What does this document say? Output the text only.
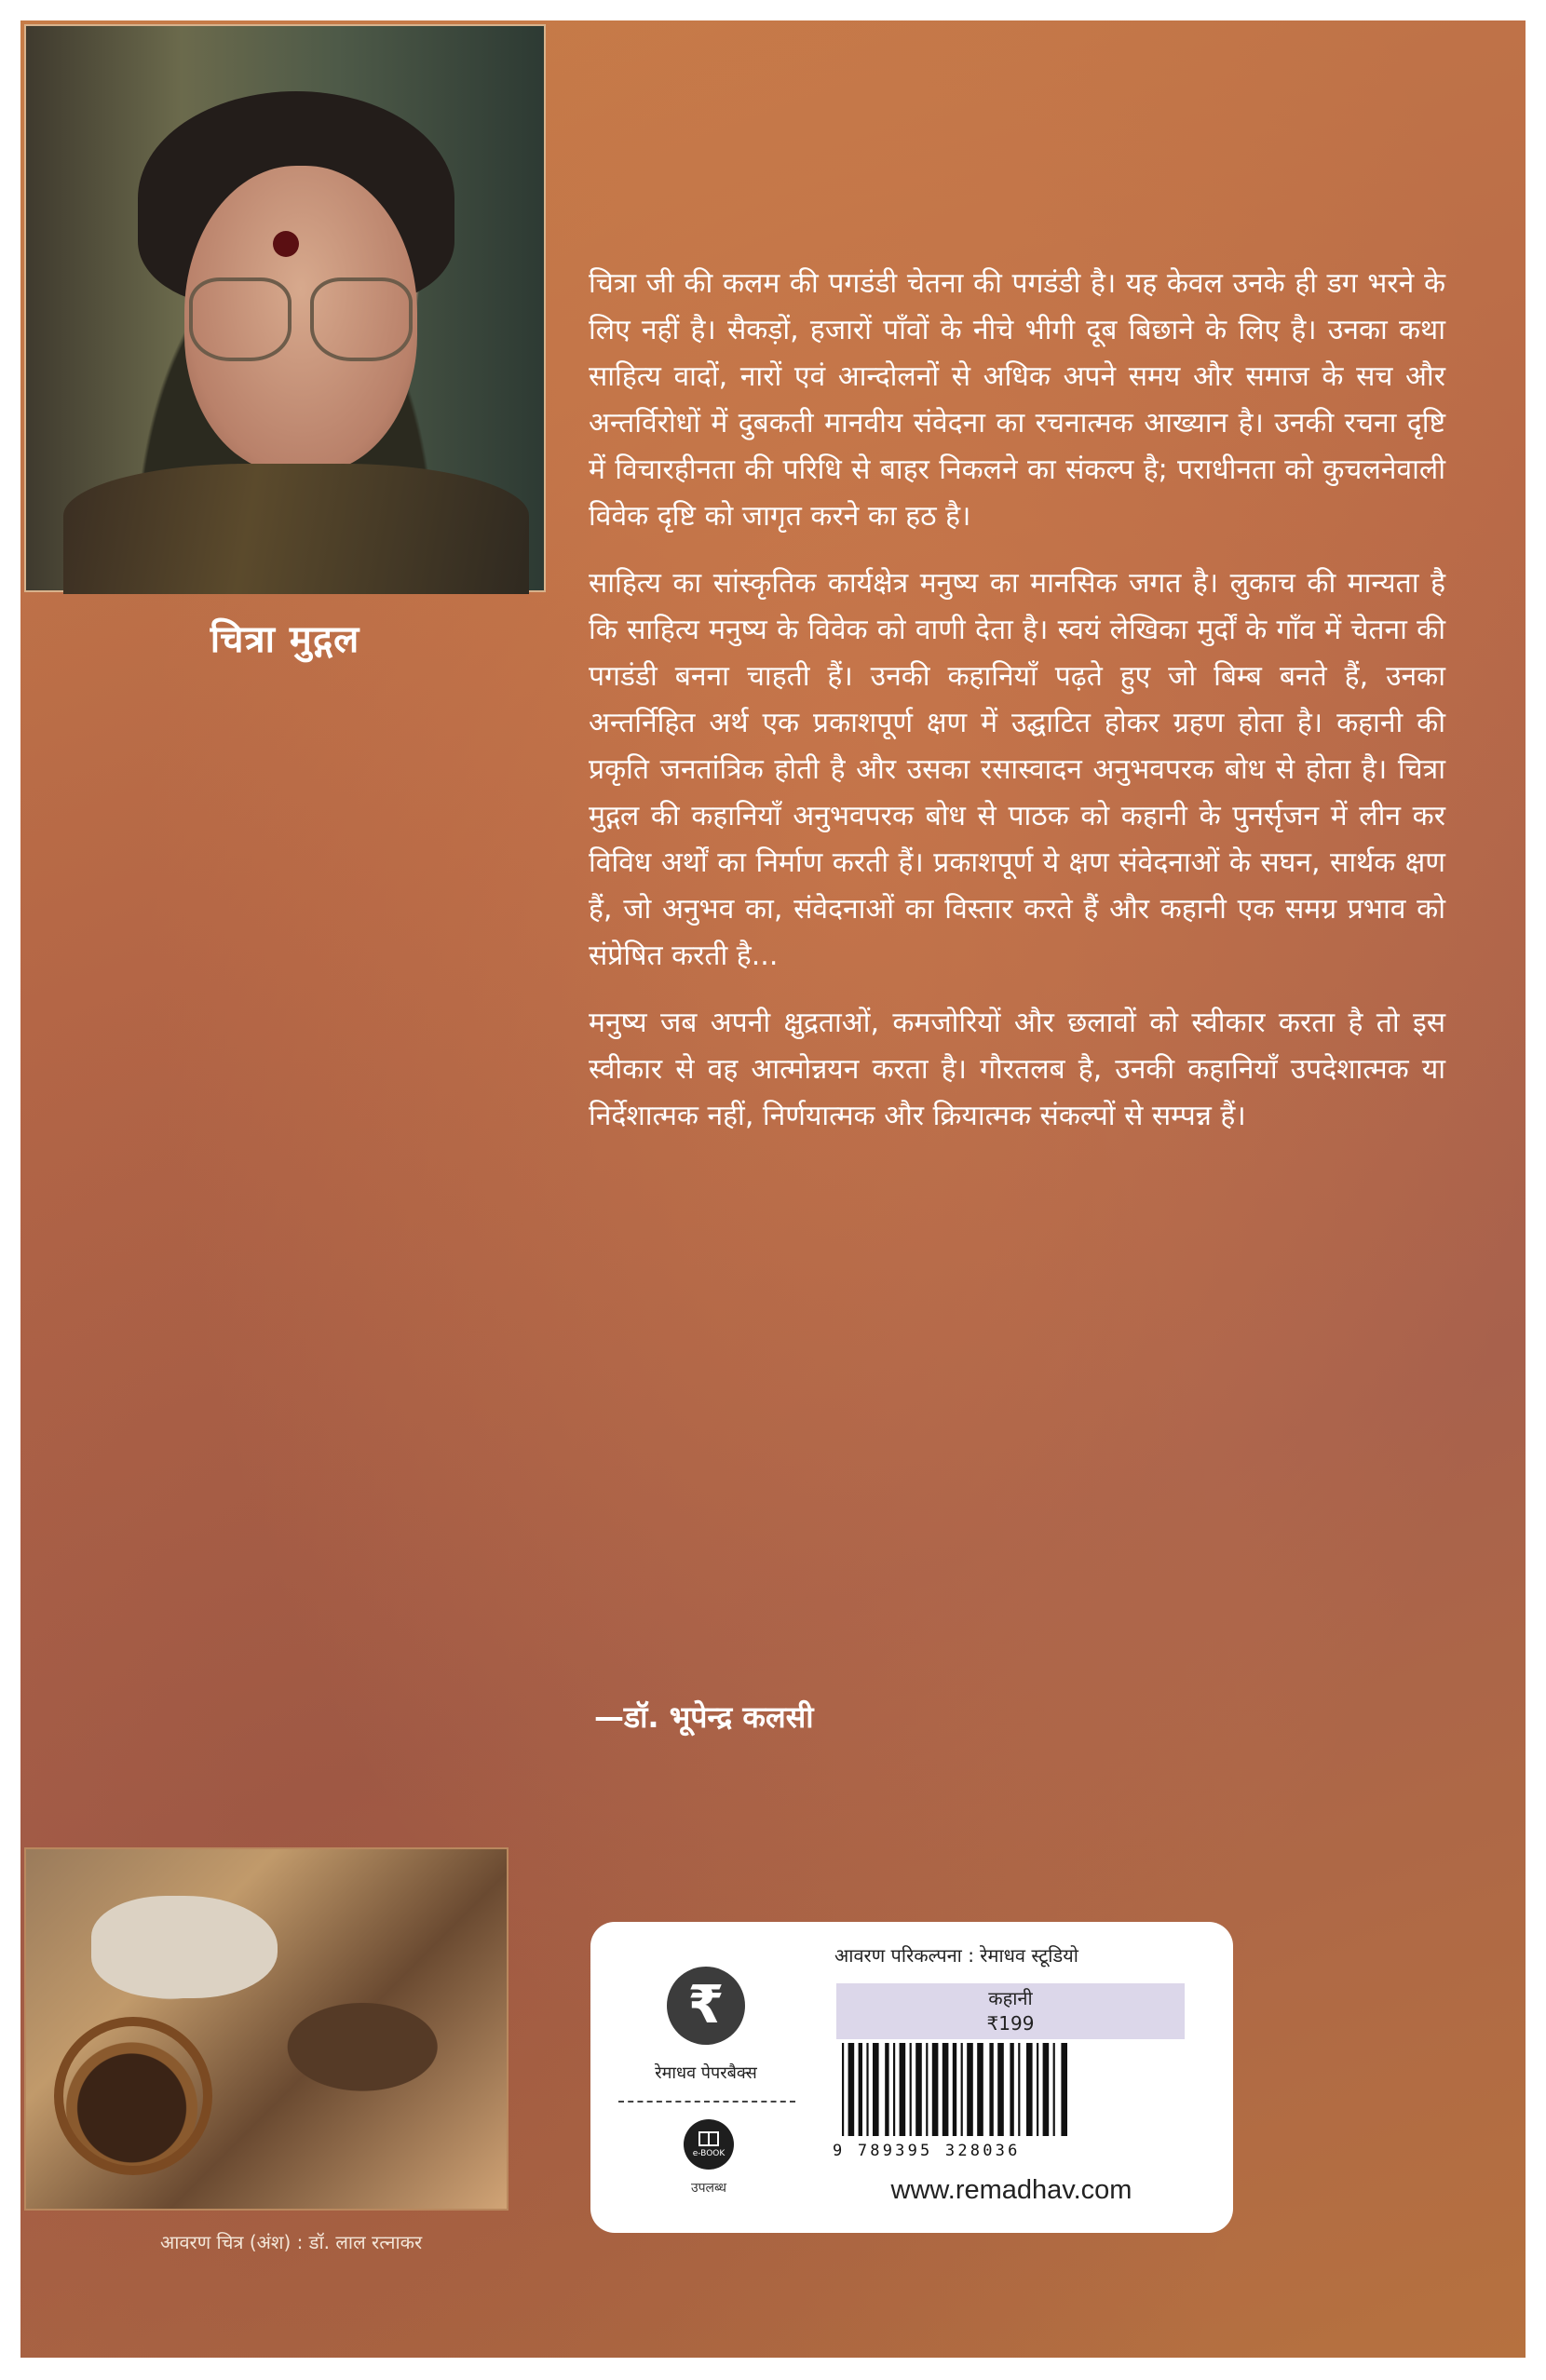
चित्रा मुद्गल

चित्रा जी की कलम की पगडंडी चेतना की पगडंडी है। यह केवल उनके ही डग भरने के लिए नहीं है। सैकड़ों, हजारों पाँवों के नीचे भीगी दूब बिछाने के लिए है। उनका कथा साहित्य वादों, नारों एवं आन्दोलनों से अधिक अपने समय और समाज के सच और अन्तर्विरोधों में दुबकती मानवीय संवेदना का रचनात्मक आख्यान है। उनकी रचना दृष्टि में विचारहीनता की परिधि से बाहर निकलने का संकल्प है; पराधीनता को कुचलनेवाली विवेक दृष्टि को जागृत करने का हठ है।

साहित्य का सांस्कृतिक कार्यक्षेत्र मनुष्य का मानसिक जगत है। लुकाच की मान्यता है कि साहित्य मनुष्य के विवेक को वाणी देता है। स्वयं लेखिका मुर्दों के गाँव में चेतना की पगडंडी बनना चाहती हैं। उनकी कहानियाँ पढ़ते हुए जो बिम्ब बनते हैं, उनका अन्तर्निहित अर्थ एक प्रकाशपूर्ण क्षण में उद्घाटित होकर ग्रहण होता है। कहानी की प्रकृति जनतांत्रिक होती है और उसका रसास्वादन अनुभवपरक बोध से होता है। चित्रा मुद्गल की कहानियाँ अनुभवपरक बोध से पाठक को कहानी के पुनर्सृजन में लीन कर विविध अर्थों का निर्माण करती हैं। प्रकाशपूर्ण ये क्षण संवेदनाओं के सघन, सार्थक क्षण हैं, जो अनुभव का, संवेदनाओं का विस्तार करते हैं और कहानी एक समग्र प्रभाव को संप्रेषित करती है...

मनुष्य जब अपनी क्षुद्रताओं, कमजोरियों और छलावों को स्वीकार करता है तो इस स्वीकार से वह आत्मोन्नयन करता है। गौरतलब है, उनकी कहानियाँ उपदेशात्मक या निर्देशात्मक नहीं, निर्णयात्मक और क्रियात्मक संकल्पों से सम्पन्न हैं।

—डॉ. भूपेन्द्र कलसी
आवरण चित्र (अंश) : डॉ. लाल रत्नाकर
₹
रेमाधव पेपरबैक्स
e-BOOK
उपलब्ध
आवरण परिकल्पना : रेमाधव स्टूडियो
कहानी
₹199
9 789395 328036
www.remadhav.com
